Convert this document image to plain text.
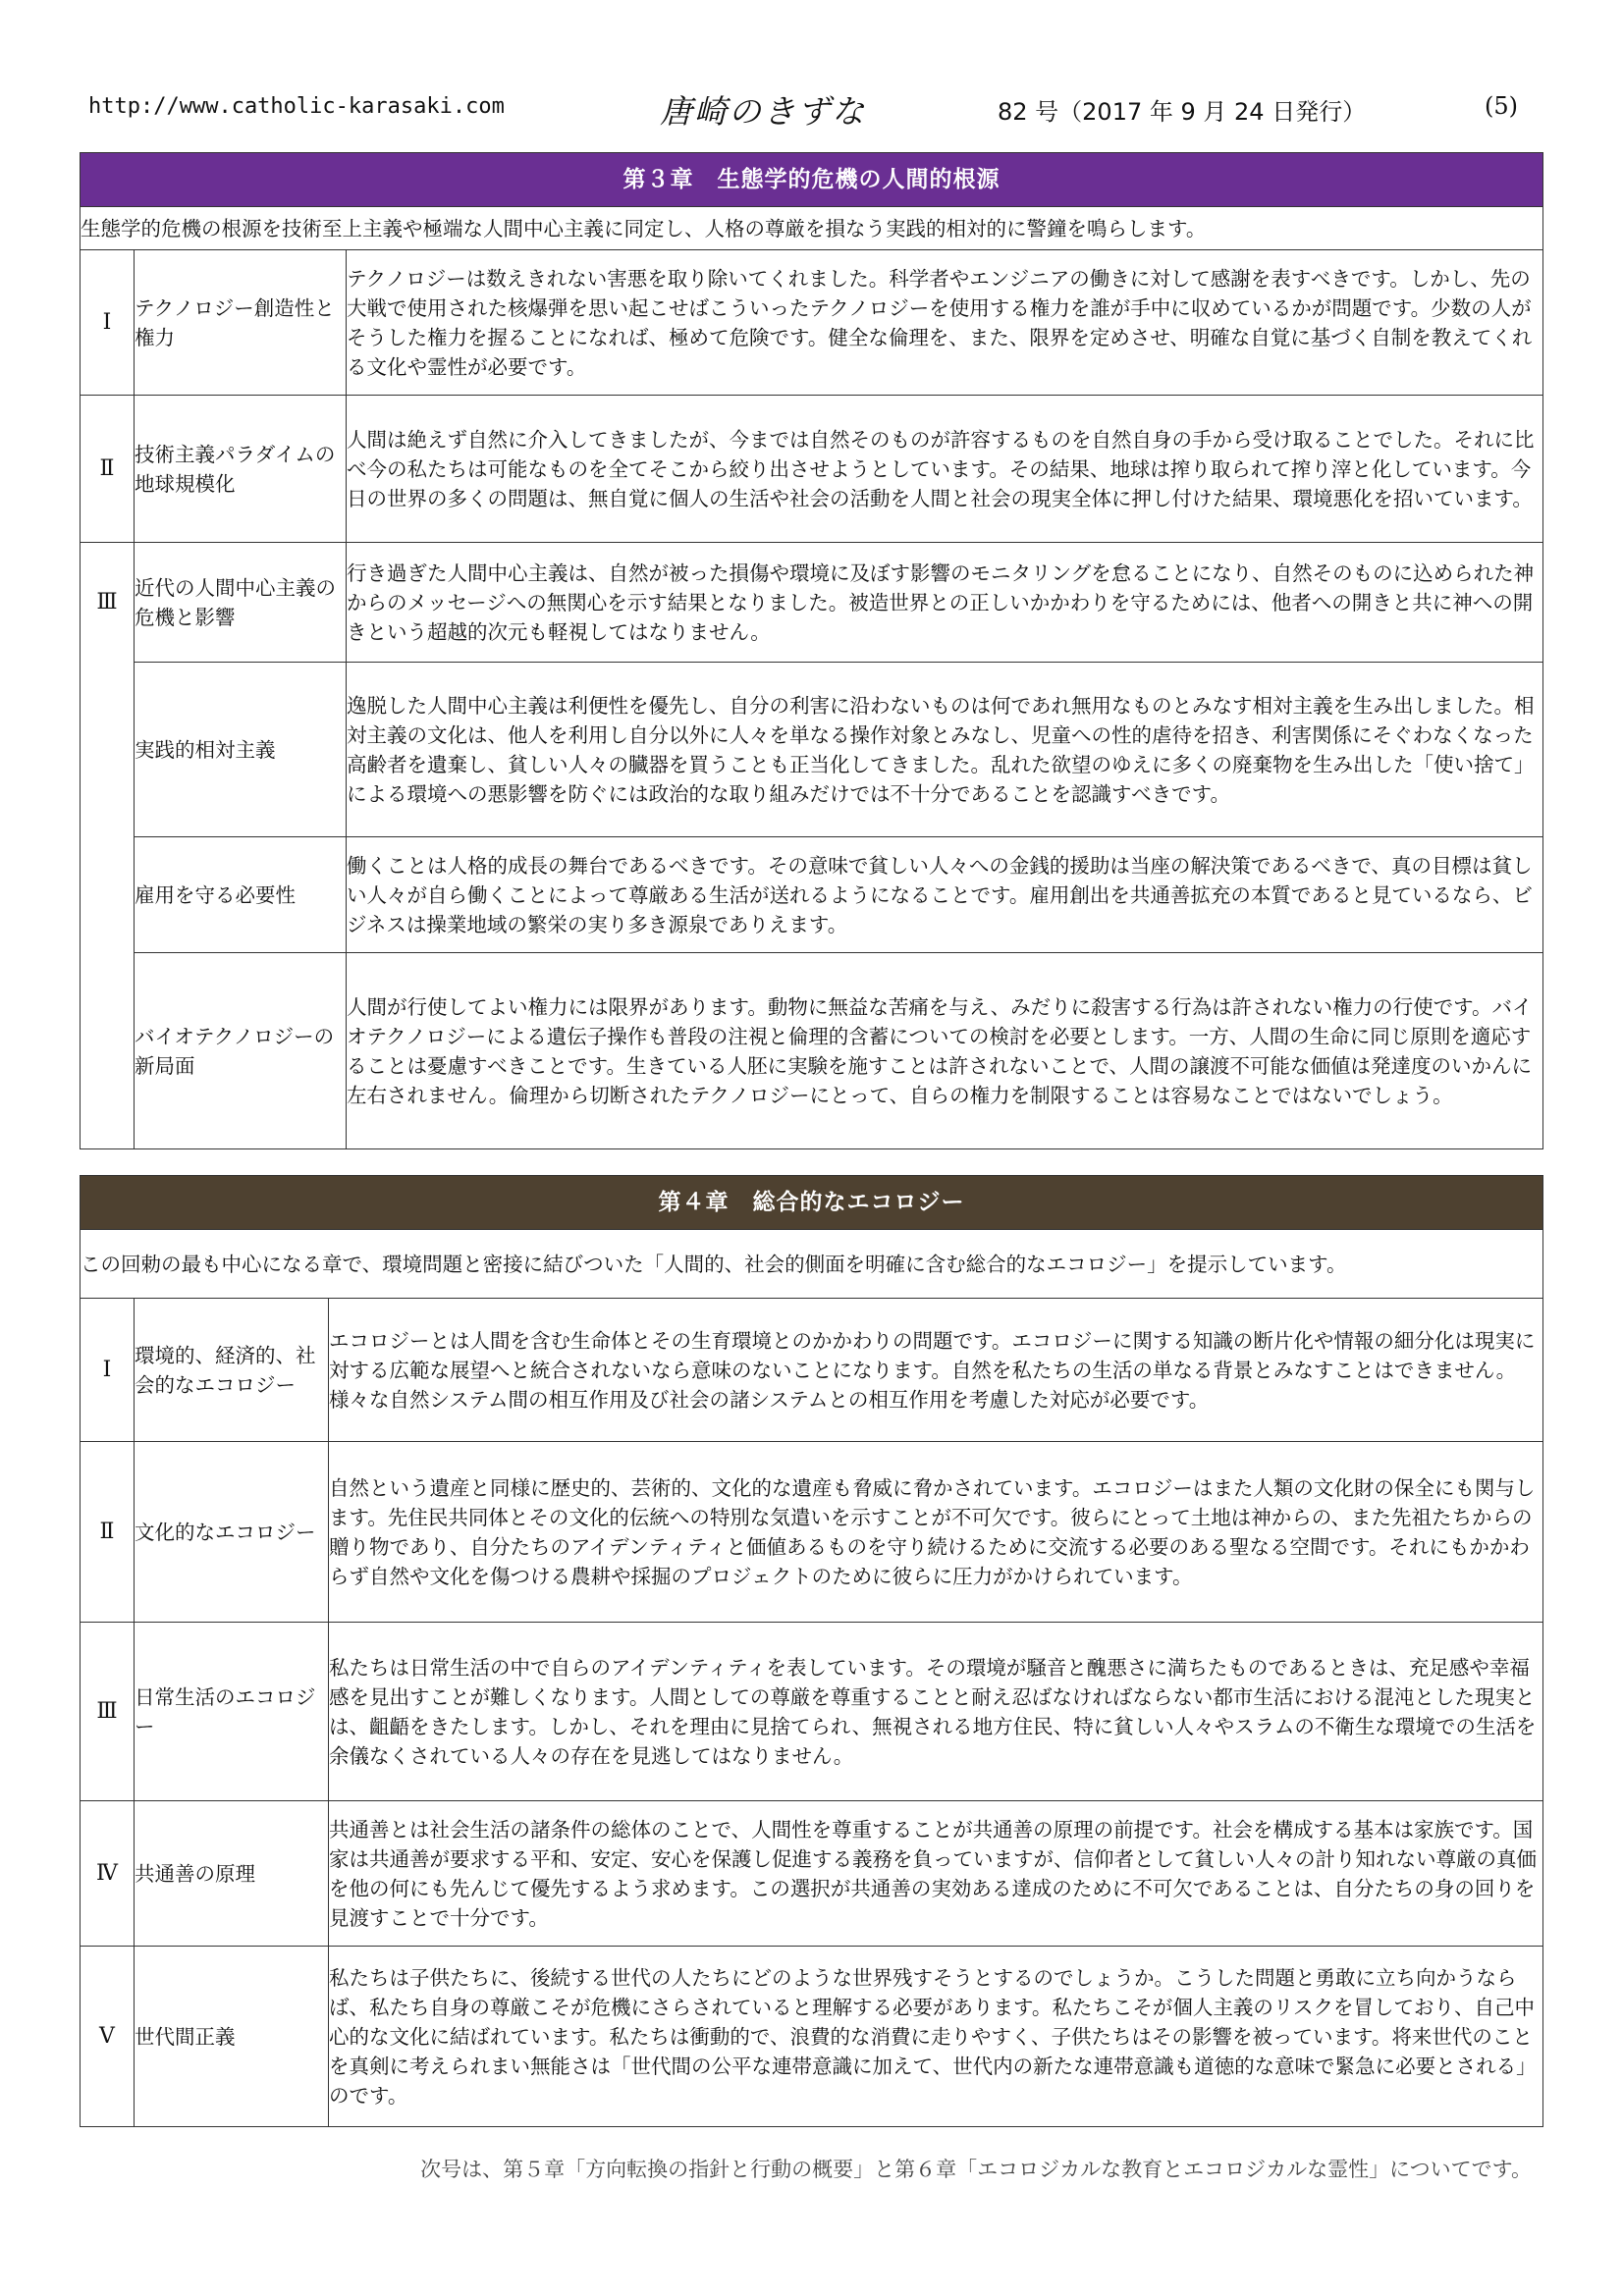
http://www.catholic-karasaki.com	唐崎のきずな	82 号（2017 年 9 月 24 日発行）	(5)
第３章　生態学的危機の人間的根源		
生態学的危機の根源を技術至上主義や極端な人間中心主義に同定し、人格の尊厳を損なう実践的相対的に警鐘を鳴らします。		
Ⅰ	テクノロジー創造性と権力	テクノロジーは数えきれない害悪を取り除いてくれました。科学者やエンジニアの働きに対して感謝を表すべきです。しかし、先の大戦で使用された核爆弾を思い起こせばこういったテクノロジーを使用する権力を誰が手中に収めているかが問題です。少数の人がそうした権力を握ることになれば、極めて危険です。健全な倫理を、また、限界を定めさせ、明確な自覚に基づく自制を教えてくれる文化や霊性が必要です。
Ⅱ	技術主義パラダイムの地球規模化	人間は絶えず自然に介入してきましたが、今までは自然そのものが許容するものを自然自身の手から受け取ることでした。それに比べ今の私たちは可能なものを全てそこから絞り出させようとしています。その結果、地球は搾り取られて搾り滓と化しています。今日の世界の多くの問題は、無自覚に個人の生活や社会の活動を人間と社会の現実全体に押し付けた結果、環境悪化を招いています。
Ⅲ	近代の人間中心主義の危機と影響	行き過ぎた人間中心主義は、自然が被った損傷や環境に及ぼす影響のモニタリングを怠ることになり、自然そのものに込められた神からのメッセージへの無関心を示す結果となりました。被造世界との正しいかかわりを守るためには、他者への開きと共に神への開きという超越的次元も軽視してはなりません。
	実践的相対主義	逸脱した人間中心主義は利便性を優先し、自分の利害に沿わないものは何であれ無用なものとみなす相対主義を生み出しました。相対主義の文化は、他人を利用し自分以外に人々を単なる操作対象とみなし、児童への性的虐待を招き、利害関係にそぐわなくなった高齢者を遺棄し、貧しい人々の臓器を買うことも正当化してきました。乱れた欲望のゆえに多くの廃棄物を生み出した「使い捨て」による環境への悪影響を防ぐには政治的な取り組みだけでは不十分であることを認識すべきです。
	雇用を守る必要性	働くことは人格的成長の舞台であるべきです。その意味で貧しい人々への金銭的援助は当座の解決策であるべきで、真の目標は貧しい人々が自ら働くことによって尊厳ある生活が送れるようになることです。雇用創出を共通善拡充の本質であると見ているなら、ビジネスは操業地域の繁栄の実り多き源泉でありえます。
	バイオテクノロジーの新局面	人間が行使してよい権力には限界があります。動物に無益な苦痛を与え、みだりに殺害する行為は許されない権力の行使です。バイオテクノロジーによる遺伝子操作も普段の注視と倫理的含蓄についての検討を必要とします。一方、人間の生命に同じ原則を適応することは憂慮すべきことです。生きている人胚に実験を施すことは許されないことで、人間の譲渡不可能な価値は発達度のいかんに左右されません。倫理から切断されたテクノロジーにとって、自らの権力を制限することは容易なことではないでしょう。
第４章　総合的なエコロジー		
この回勅の最も中心になる章で、環境問題と密接に結びついた「人間的、社会的側面を明確に含む総合的なエコロジー」を提示しています。		
Ⅰ	環境的、経済的、社会的なエコロジー	エコロジーとは人間を含む生命体とその生育環境とのかかわりの問題です。エコロジーに関する知識の断片化や情報の細分化は現実に対する広範な展望へと統合されないなら意味のないことになります。自然を私たちの生活の単なる背景とみなすことはできません。様々な自然システム間の相互作用及び社会の諸システムとの相互作用を考慮した対応が必要です。
Ⅱ	文化的なエコロジー	自然という遺産と同様に歴史的、芸術的、文化的な遺産も脅威に脅かされています。エコロジーはまた人類の文化財の保全にも関与します。先住民共同体とその文化的伝統への特別な気遣いを示すことが不可欠です。彼らにとって土地は神からの、また先祖たちからの贈り物であり、自分たちのアイデンティティと価値あるものを守り続けるために交流する必要のある聖なる空間です。それにもかかわらず自然や文化を傷つける農耕や採掘のプロジェクトのために彼らに圧力がかけられています。
Ⅲ	日常生活のエコロジー	私たちは日常生活の中で自らのアイデンティティを表しています。その環境が騒音と醜悪さに満ちたものであるときは、充足感や幸福感を見出すことが難しくなります。人間としての尊厳を尊重することと耐え忍ばなければならない都市生活における混沌とした現実とは、齟齬をきたします。しかし、それを理由に見捨てられ、無視される地方住民、特に貧しい人々やスラムの不衛生な環境での生活を余儀なくされている人々の存在を見逃してはなりません。
Ⅳ	共通善の原理	共通善とは社会生活の諸条件の総体のことで、人間性を尊重することが共通善の原理の前提です。社会を構成する基本は家族です。国家は共通善が要求する平和、安定、安心を保護し促進する義務を負っていますが、信仰者として貧しい人々の計り知れない尊厳の真価を他の何にも先んじて優先するよう求めます。この選択が共通善の実効ある達成のために不可欠であることは、自分たちの身の回りを見渡すことで十分です。
Ⅴ	世代間正義	私たちは子供たちに、後続する世代の人たちにどのような世界残すそうとするのでしょうか。こうした問題と勇敢に立ち向かうならば、私たち自身の尊厳こそが危機にさらされていると理解する必要があります。私たちこそが個人主義のリスクを冒しており、自己中心的な文化に結ばれています。私たちは衝動的で、浪費的な消費に走りやすく、子供たちはその影響を被っています。将来世代のことを真剣に考えられまい無能さは「世代間の公平な連帯意識に加えて、世代内の新たな連帯意識も道徳的な意味で緊急に必要とされる」のです。
次号は、第５章「方向転換の指針と行動の概要」と第６章「エコロジカルな教育とエコロジカルな霊性」についてです。
